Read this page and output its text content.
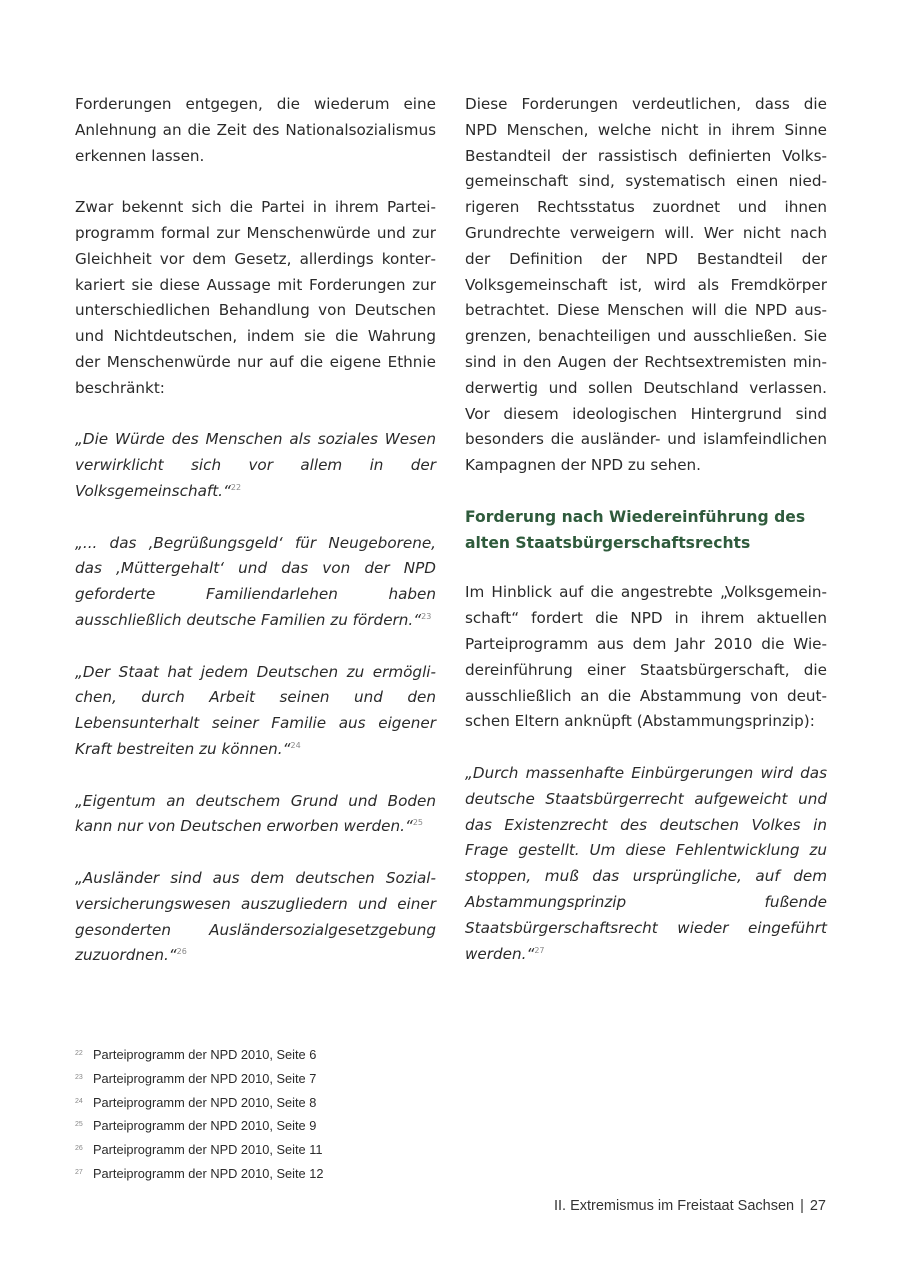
Forderungen entgegen, die wiederum eine Anlehnung an die Zeit des Nationalsozialismus erkennen lassen.

Zwar bekennt sich die Partei in ihrem Parteiprogramm formal zur Menschenwürde und zur Gleichheit vor dem Gesetz, allerdings konterkariert sie diese Aussage mit Forderungen zur unterschiedlichen Behandlung von Deutschen und Nichtdeutschen, indem sie die Wahrung der Menschenwürde nur auf die eigene Ethnie beschränkt:

„Die Würde des Menschen als soziales Wesen verwirklicht sich vor allem in der Volksgemeinschaft.“$^{22}$

„... das ‚Begrüßungsgeld‘ für Neugeborene, das ‚Müttergehalt‘ und das von der NPD geforderte Familiendarlehen haben ausschließlich deutsche Familien zu fördern.“$^{23}$

„Der Staat hat jedem Deutschen zu ermöglichen, durch Arbeit seinen und den Lebensunterhalt seiner Familie aus eigener Kraft bestreiten zu können.“$^{24}$

„Eigentum an deutschem Grund und Boden kann nur von Deutschen erworben werden.“$^{25}$

„Ausländer sind aus dem deutschen Sozialversicherungswesen auszugliedern und einer gesonderten Ausländersozialgesetzgebung zuzuordnen.“$^{26}$

Diese Forderungen verdeutlichen, dass die NPD Menschen, welche nicht in ihrem Sinne Bestandteil der rassistisch definierten Volksgemeinschaft sind, systematisch einen niedrigeren Rechtsstatus zuordnet und ihnen Grundrechte verweigern will. Wer nicht nach der Definition der NPD Bestandteil der Volksgemeinschaft ist, wird als Fremdkörper betrachtet. Diese Menschen will die NPD ausgrenzen, benachteiligen und ausschließen. Sie sind in den Augen der Rechtsextremisten minderwertig und sollen Deutschland verlassen. Vor diesem ideologischen Hintergrund sind besonders die ausländer- und islamfeindlichen Kampagnen der NPD zu sehen.

Forderung nach Wiedereinführung des alten Staatsbürgerschaftsrechts

Im Hinblick auf die angestrebte „Volksgemeinschaft“ fordert die NPD in ihrem aktuellen Parteiprogramm aus dem Jahr 2010 die Wiedereinführung einer Staatsbürgerschaft, die ausschließlich an die Abstammung von deutschen Eltern anknüpft (Abstammungsprinzip):

„Durch massenhafte Einbürgerungen wird das deutsche Staatsbürgerrecht aufgeweicht und das Existenzrecht des deutschen Volkes in Frage gestellt. Um diese Fehlentwicklung zu stoppen, muß das ursprüngliche, auf dem Abstammungsprinzip fußende Staatsbürgerschaftsrecht wieder eingeführt werden.“$^{27}$

22 Parteiprogramm der NPD 2010, Seite 6
23 Parteiprogramm der NPD 2010, Seite 7
24 Parteiprogramm der NPD 2010, Seite 8
25 Parteiprogramm der NPD 2010, Seite 9
26 Parteiprogramm der NPD 2010, Seite 11
27 Parteiprogramm der NPD 2010, Seite 12
II. Extremismus im Freistaat Sachsen | 27
